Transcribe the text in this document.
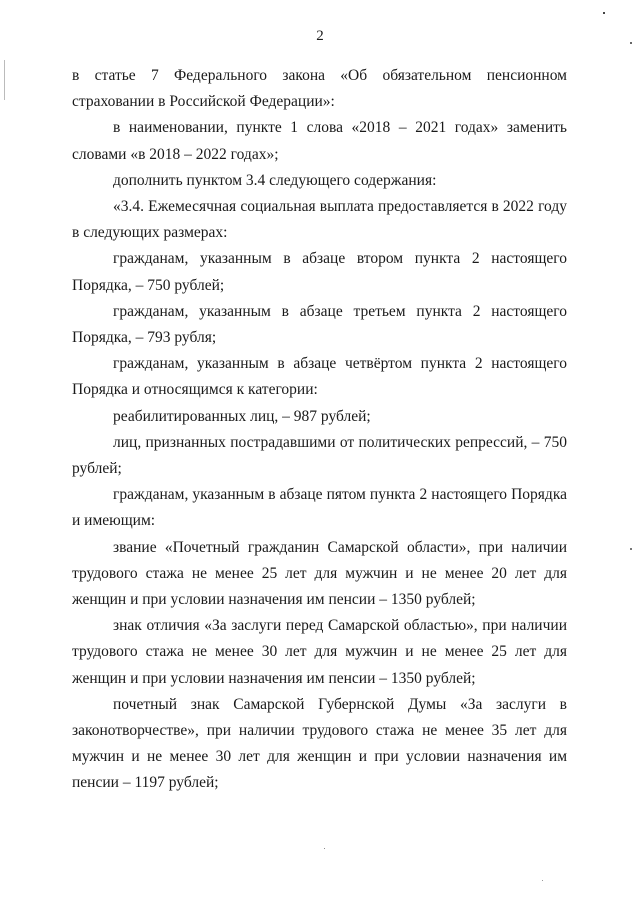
2

в статье 7 Федерального закона «Об обязательном пенсионном страховании в Российской Федерации»:

в наименовании, пункте 1 слова «2018 – 2021 годах» заменить словами «в 2018 – 2022 годах»;

дополнить пунктом 3.4 следующего содержания:

«3.4. Ежемесячная социальная выплата предоставляется в 2022 году в следующих размерах:

гражданам, указанным в абзаце втором пункта 2 настоящего Порядка, – 750 рублей;

гражданам, указанным в абзаце третьем пункта 2 настоящего Порядка, – 793 рубля;

гражданам, указанным в абзаце четвёртом пункта 2 настоящего Порядка и относящимся к категории:

реабилитированных лиц, – 987 рублей;

лиц, признанных пострадавшими от политических репрессий, – 750 рублей;

гражданам, указанным в абзаце пятом пункта 2 настоящего Порядка и имеющим:

звание «Почетный гражданин Самарской области», при наличии трудового стажа не менее 25 лет для мужчин и не менее 20 лет для женщин и при условии назначения им пенсии – 1350 рублей;

знак отличия «За заслуги перед Самарской областью», при наличии трудового стажа не менее 30 лет для мужчин и не менее 25 лет для женщин и при условии назначения им пенсии – 1350 рублей;

почетный знак Самарской Губернской Думы «За заслуги в законотворчестве», при наличии трудового стажа не менее 35 лет для мужчин и не менее 30 лет для женщин и при условии назначения им пенсии – 1197 рублей;
